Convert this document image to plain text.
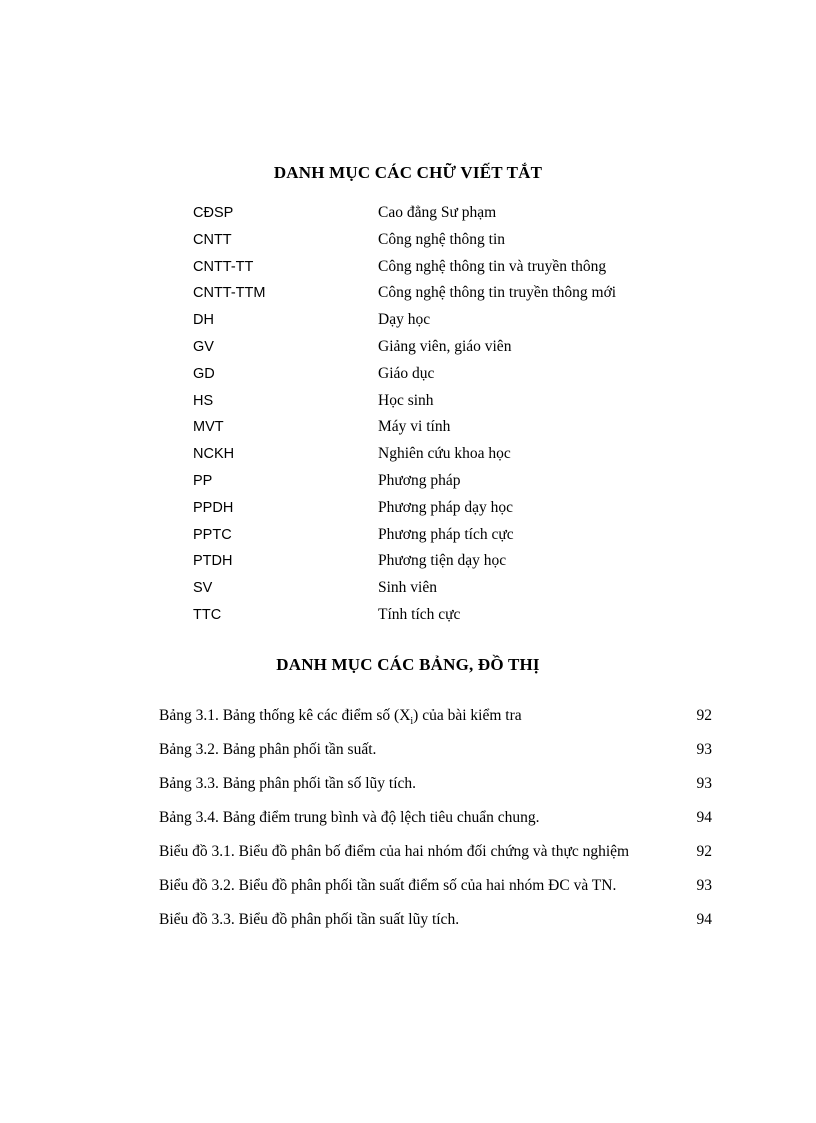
DANH MỤC CÁC CHỮ VIẾT TẮT
CĐSP	Cao đẳng Sư phạm
CNTT	Công nghệ thông tin
CNTT-TT	Công nghệ thông tin và truyền thông
CNTT-TTM	Công nghệ thông tin truyền thông mới
DH	Dạy học
GV	Giảng viên, giáo viên
GD	Giáo dục
HS	Học sinh
MVT	Máy vi tính
NCKH	Nghiên cứu khoa học
PP	Phương pháp
PPDH	Phương pháp dạy học
PPTC	Phương pháp tích cực
PTDH	Phương tiện dạy học
SV	Sinh viên
TTC	Tính tích cực
DANH MỤC CÁC BẢNG, ĐỒ THỊ
Bảng 3.1. Bảng thống kê các điểm số $(X_i)$ của bài kiểm tra	92
Bảng 3.2. Bảng phân phối tần suất.	93
Bảng 3.3. Bảng phân phối tần số lũy tích.	93
Bảng 3.4. Bảng điểm trung bình và độ lệch tiêu chuẩn chung.	94
Biểu đồ 3.1. Biểu đồ phân bố điểm của hai nhóm đối chứng và thực nghiệm	92
Biểu đồ 3.2. Biểu đồ phân phối tần suất điểm số của hai nhóm ĐC và TN.	93
Biểu đồ 3.3. Biểu đồ phân phối tần suất lũy tích.	94
